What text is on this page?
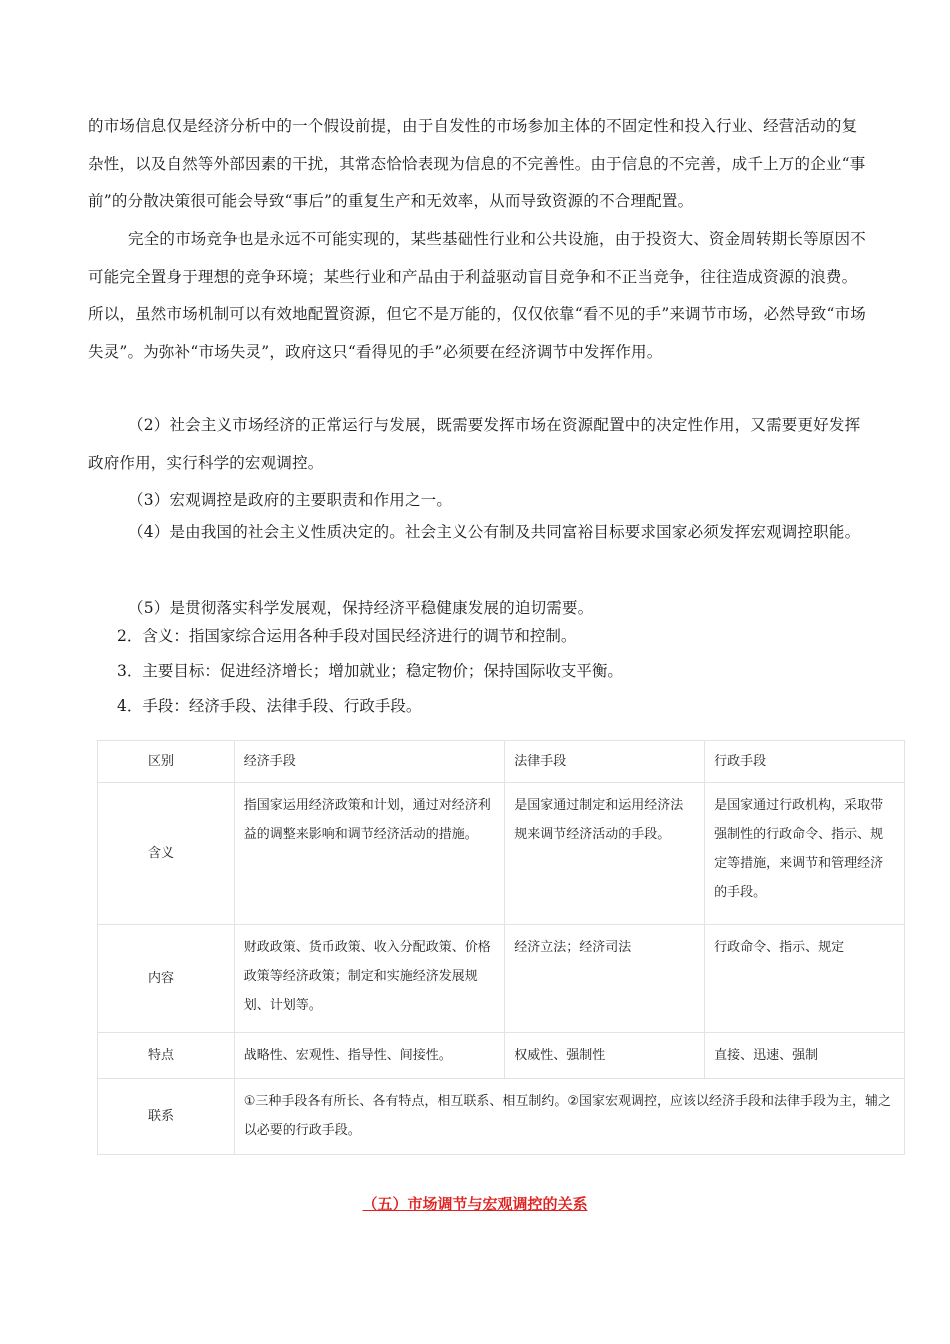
的市场信息仅是经济分析中的一个假设前提，由于自发性的市场参加主体的不固定性和投入行业、经营活动的复杂性，以及自然等外部因素的干扰，其常态恰恰表现为信息的不完善性。由于信息的不完善，成千上万的企业“事前”的分散决策很可能会导致“事后”的重复生产和无效率，从而导致资源的不合理配置。

完全的市场竞争也是永远不可能实现的，某些基础性行业和公共设施，由于投资大、资金周转期长等原因不可能完全置身于理想的竞争环境；某些行业和产品由于利益驱动盲目竞争和不正当竞争，往往造成资源的浪费。所以，虽然市场机制可以有效地配置资源，但它不是万能的，仅仅依靠“看不见的手”来调节市场，必然导致“市场失灵”。为弥补“市场失灵”，政府这只“看得见的手”必须要在经济调节中发挥作用。

（2）社会主义市场经济的正常运行与发展，既需要发挥市场在资源配置中的决定性作用，又需要更好发挥政府作用，实行科学的宏观调控。

（3）宏观调控是政府的主要职责和作用之一。

（4）是由我国的社会主义性质决定的。社会主义公有制及共同富裕目标要求国家必须发挥宏观调控职能。

（5）是贯彻落实科学发展观，保持经济平稳健康发展的迫切需要。

2．含义：指国家综合运用各种手段对国民经济进行的调节和控制。

3．主要目标：促进经济增长；增加就业；稳定物价；保持国际收支平衡。

4．手段：经济手段、法律手段、行政手段。

区别	经济手段	法律手段	行政手段
含义	指国家运用经济政策和计划，通过对经济利益的调整来影响和调节经济活动的措施。	是国家通过制定和运用经济法规来调节经济活动的手段。	是国家通过行政机构，采取带强制性的行政命令、指示、规定等措施，来调节和管理经济的手段。
内容	财政政策、货币政策、收入分配政策、价格政策等经济政策；制定和实施经济发展规划、计划等。	经济立法；经济司法	行政命令、指示、规定
特点	战略性、宏观性、指导性、间接性。	权威性、强制性	直接、迅速、强制
联系	①三种手段各有所长、各有特点，相互联系、相互制约。②国家宏观调控，应该以经济手段和法律手段为主，辅之以必要的行政手段。		
（五）市场调节与宏观调控的关系
